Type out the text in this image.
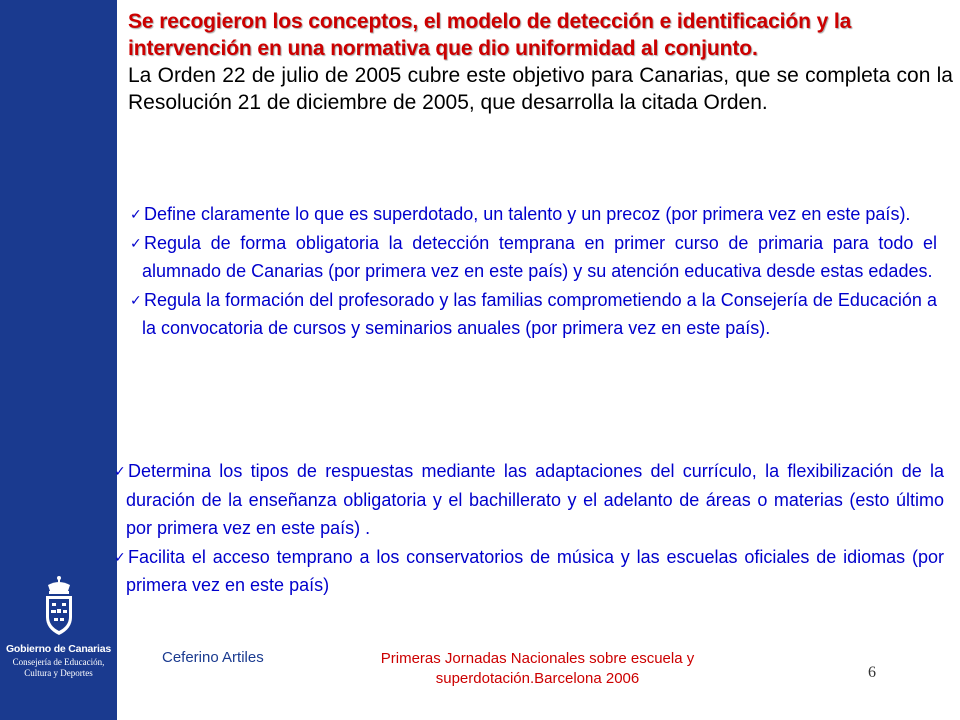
Gobierno de Canarias
Consejería de Educación,
Cultura y Deportes
Se recogieron los conceptos, el modelo de detección e identificación y la intervención en una normativa que dio uniformidad al conjunto.
La Orden 22 de julio de 2005 cubre este objetivo para Canarias, que se completa con la Resolución 21 de diciembre de 2005, que desarrolla la citada Orden.
✓ Define claramente lo que es superdotado, un talento y un precoz (por primera vez en este país).
✓ Regula de forma obligatoria la detección temprana en primer curso de primaria para todo el alumnado de Canarias (por primera vez en este país) y su atención educativa desde estas edades.
✓ Regula la formación del profesorado y las familias comprometiendo a la Consejería de Educación a la convocatoria de cursos y seminarios anuales (por primera vez en este país).
✓ Determina los tipos de respuestas mediante las adaptaciones del currículo, la flexibilización de la duración de la enseñanza obligatoria y el bachillerato y el adelanto de áreas o materias (esto último por primera vez en este país) .
✓ Facilita el acceso temprano a los conservatorios de música y las escuelas oficiales de idiomas (por primera vez en este país)
Ceferino Artiles	Primeras Jornadas Nacionales sobre escuela y
superdotación.Barcelona 2006	6
